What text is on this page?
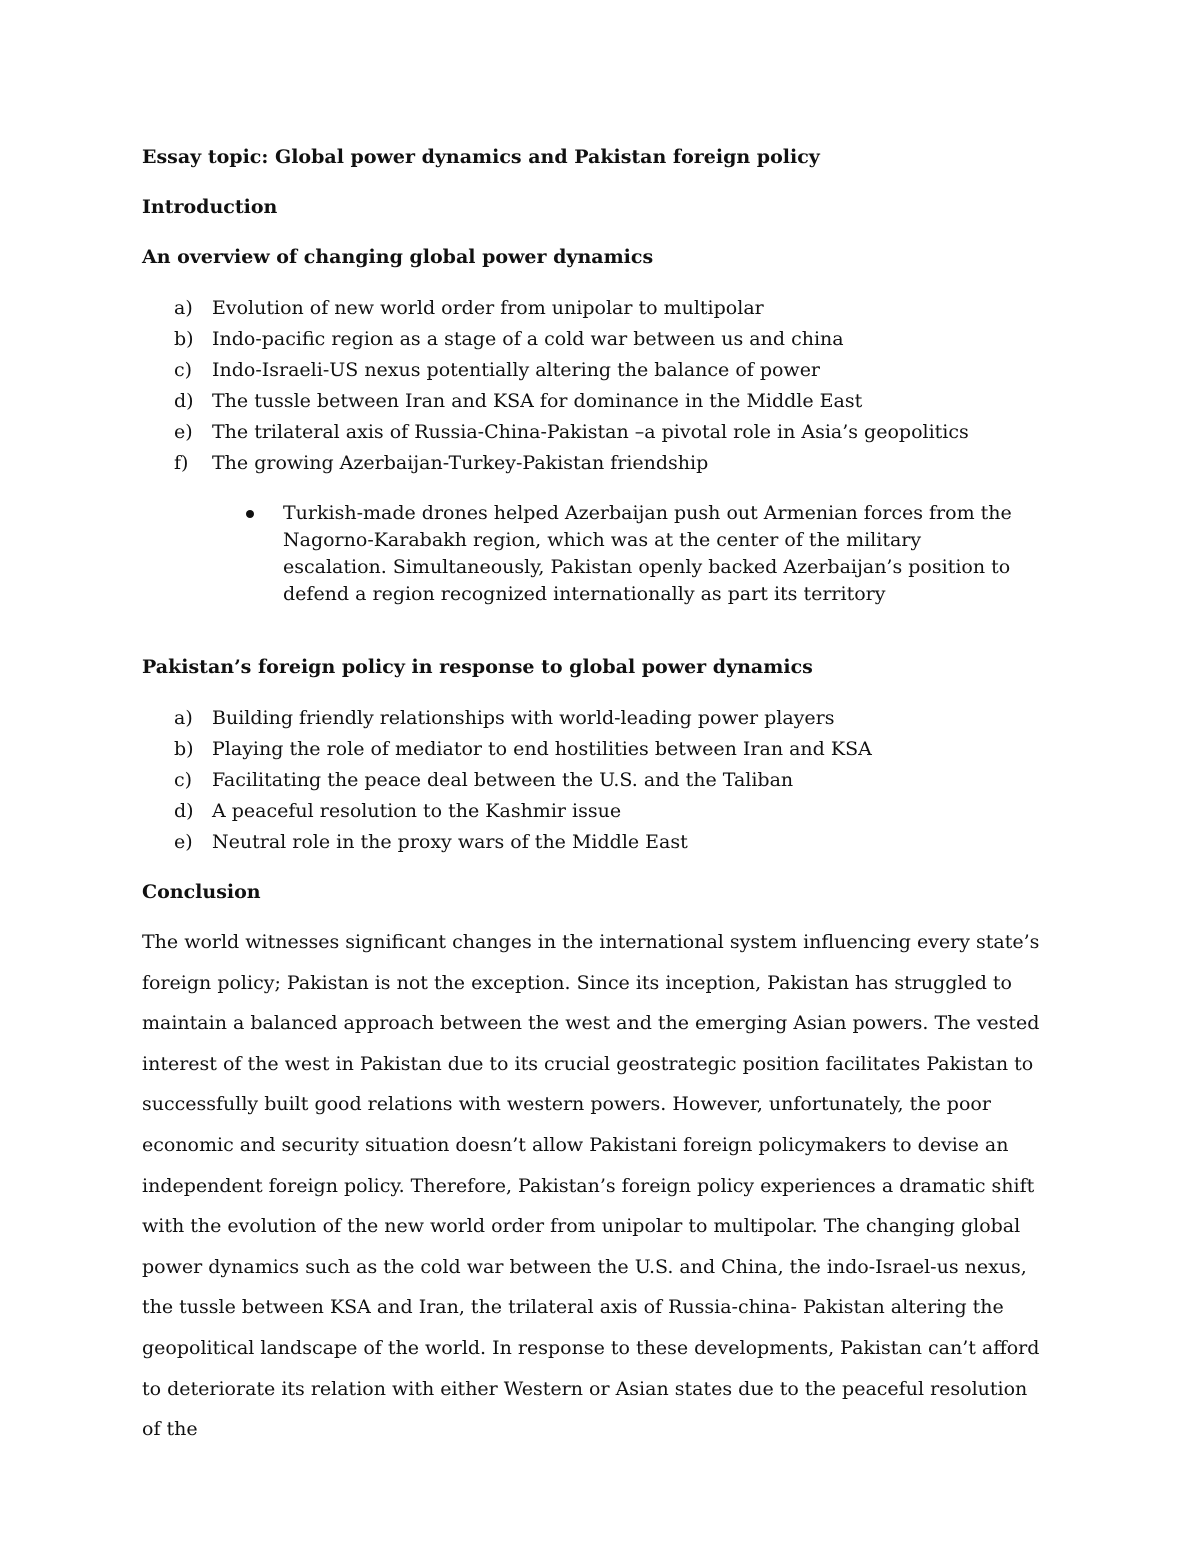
Essay topic: Global power dynamics and Pakistan foreign policy
Introduction
An overview of changing global power dynamics
a) Evolution of new world order from unipolar to multipolar
b) Indo-pacific region as a stage of a cold war between us and china
c) Indo-Israeli-US nexus potentially altering the balance of power
d) The tussle between Iran and KSA for dominance in the Middle East
e) The trilateral axis of Russia-China-Pakistan –a pivotal role in Asia’s geopolitics
f) The growing Azerbaijan-Turkey-Pakistan friendship

Turkish-made drones helped Azerbaijan push out Armenian forces from the Nagorno-Karabakh region, which was at the center of the military escalation. Simultaneously, Pakistan openly backed Azerbaijan’s position to defend a region recognized internationally as part its territory

Pakistan’s foreign policy in response to global power dynamics
a) Building friendly relationships with world-leading power players
b) Playing the role of mediator to end hostilities between Iran and KSA
c) Facilitating the peace deal between the U.S. and the Taliban
d) A peaceful resolution to the Kashmir issue
e) Neutral role in the proxy wars of the Middle East
Conclusion

The world witnesses significant changes in the international system influencing every state’s foreign policy; Pakistan is not the exception. Since its inception, Pakistan has struggled to maintain a balanced approach between the west and the emerging Asian powers. The vested interest of the west in Pakistan due to its crucial geostrategic position facilitates Pakistan to successfully built good relations with western powers. However, unfortunately, the poor economic and security situation doesn’t allow Pakistani foreign policymakers to devise an independent foreign policy. Therefore, Pakistan’s foreign policy experiences a dramatic shift with the evolution of the new world order from unipolar to multipolar. The changing global power dynamics such as the cold war between the U.S. and China, the indo-Israel-us nexus, the tussle between KSA and Iran, the trilateral axis of Russia-china- Pakistan altering the geopolitical landscape of the world. In response to these developments, Pakistan can’t afford to deteriorate its relation with either Western or Asian states due to the peaceful resolution of the
